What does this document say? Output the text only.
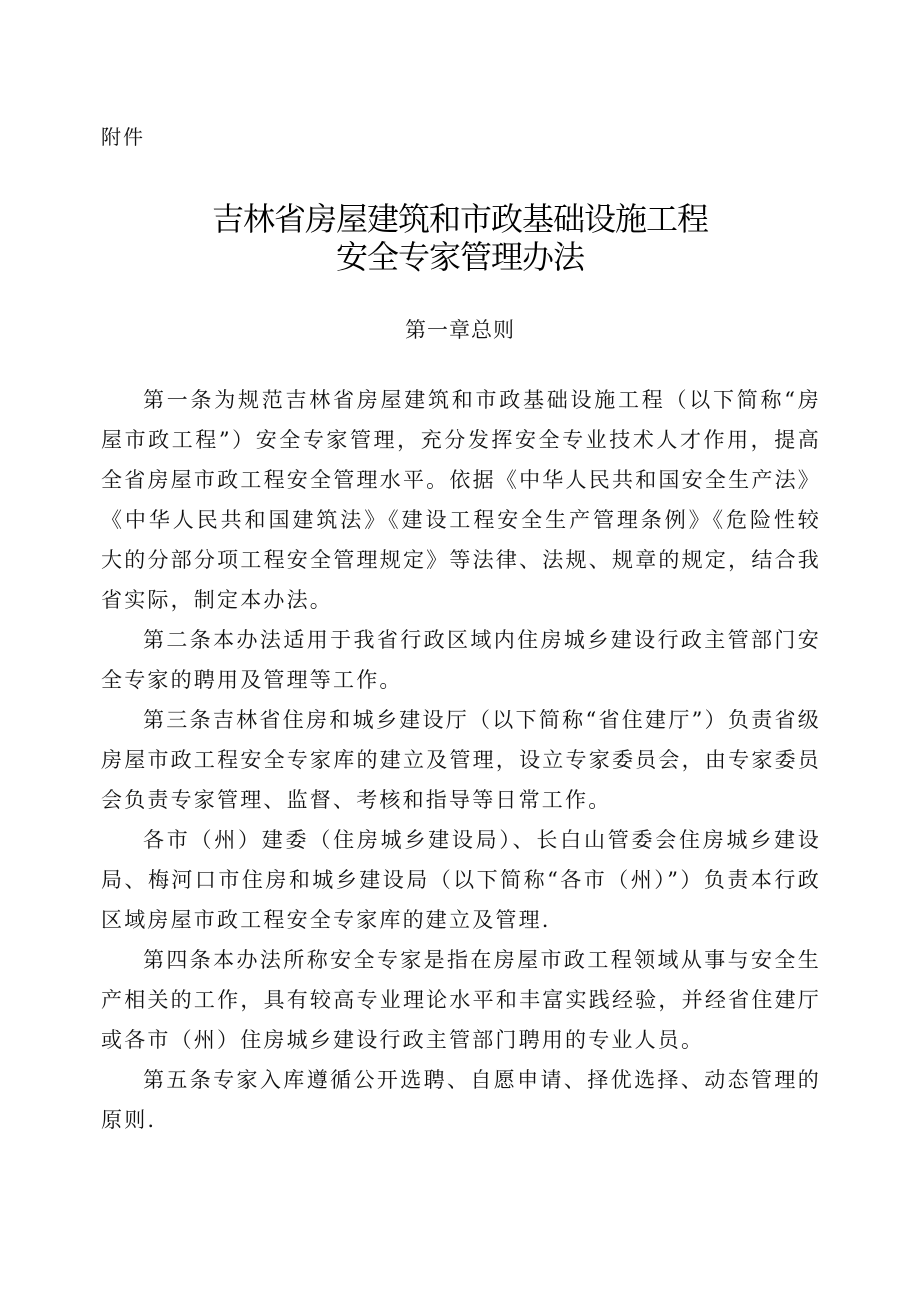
附件
吉林省房屋建筑和市政基础设施工程
安全专家管理办法
第一章总则

第一条为规范吉林省房屋建筑和市政基础设施工程（以下简称“房屋市政工程”）安全专家管理，充分发挥安全专业技术人才作用，提高全省房屋市政工程安全管理水平。依据《中华人民共和国安全生产法》《中华人民共和国建筑法》《建设工程安全生产管理条例》《危险性较大的分部分项工程安全管理规定》等法律、法规、规章的规定，结合我省实际，制定本办法。

第二条本办法适用于我省行政区域内住房城乡建设行政主管部门安全专家的聘用及管理等工作。

第三条吉林省住房和城乡建设厅（以下简称“省住建厅”）负责省级房屋市政工程安全专家库的建立及管理，设立专家委员会，由专家委员会负责专家管理、监督、考核和指导等日常工作。

各市（州）建委（住房城乡建设局）、长白山管委会住房城乡建设局、梅河口市住房和城乡建设局（以下简称“各市（州）”）负责本行政区域房屋市政工程安全专家库的建立及管理.

第四条本办法所称安全专家是指在房屋市政工程领域从事与安全生产相关的工作，具有较高专业理论水平和丰富实践经验，并经省住建厅或各市（州）住房城乡建设行政主管部门聘用的专业人员。

第五条专家入库遵循公开选聘、自愿申请、择优选择、动态管理的原则.
